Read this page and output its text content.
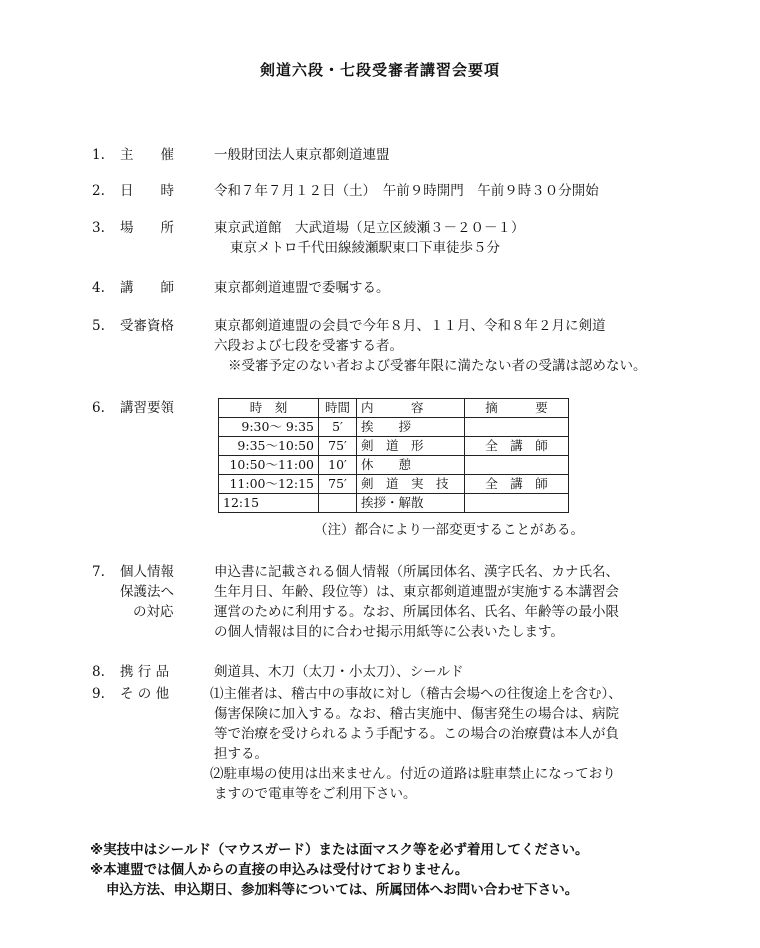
剣道六段・七段受審者講習会要項
1. 主　　催	一般財団法人東京都剣道連盟
2. 日　　時	令和７年７月１２日（土）　午前９時開門　午前９時３０分開始
3. 場　　所	東京武道館　大武道場（足立区綾瀬３－２０－１）
東京メトロ千代田線綾瀬駅東口下車徒歩５分
4. 講　　師	東京都剣道連盟で委嘱する。
5. 受審資格	東京都剣道連盟の会員で今年８月、１１月、令和８年２月に剣道
六段および七段を受審する者。
※受審予定のない者および受審年限に満たない者の受講は認めない。
6. 講習要領	時　刻	時間	内　　　容	摘　　　要
9:30〜 9:35	5′	挨　　拶	
9:35〜10:50	75′	剣　道　形	全　講　師
10:50〜11:00	10′	休　　憩	
11:00〜12:15	75′	剣　道　実　技	全　講　師
12:15		挨拶・解散	
（注）都合により一部変更することがある。
7. 個人情報
保護法へ
の対応
申込書に記載される個人情報（所属団体名、漢字氏名、カナ氏名、
生年月日、年齢、段位等）は、東京都剣道連盟が実施する本講習会
運営のために利用する。なお、所属団体名、氏名、年齢等の最小限
の個人情報は目的に合わせ掲示用紙等に公表いたします。
8. 携 行 品	剣道具、木刀（太刀・小太刀）、シールド
9. そ の 他	⑴主催者は、稽古中の事故に対し（稽古会場への往復途上を含む）、
傷害保険に加入する。なお、稽古実施中、傷害発生の場合は、病院
等で治療を受けられるよう手配する。この場合の治療費は本人が負
担する。
⑵駐車場の使用は出来ません。付近の道路は駐車禁止になっており
ますので電車等をご利用下さい。
※実技中はシールド（マウスガード）または面マスク等を必ず着用してください。
※本連盟では個人からの直接の申込みは受付けておりません。
申込方法、申込期日、参加料等については、所属団体へお問い合わせ下さい。
